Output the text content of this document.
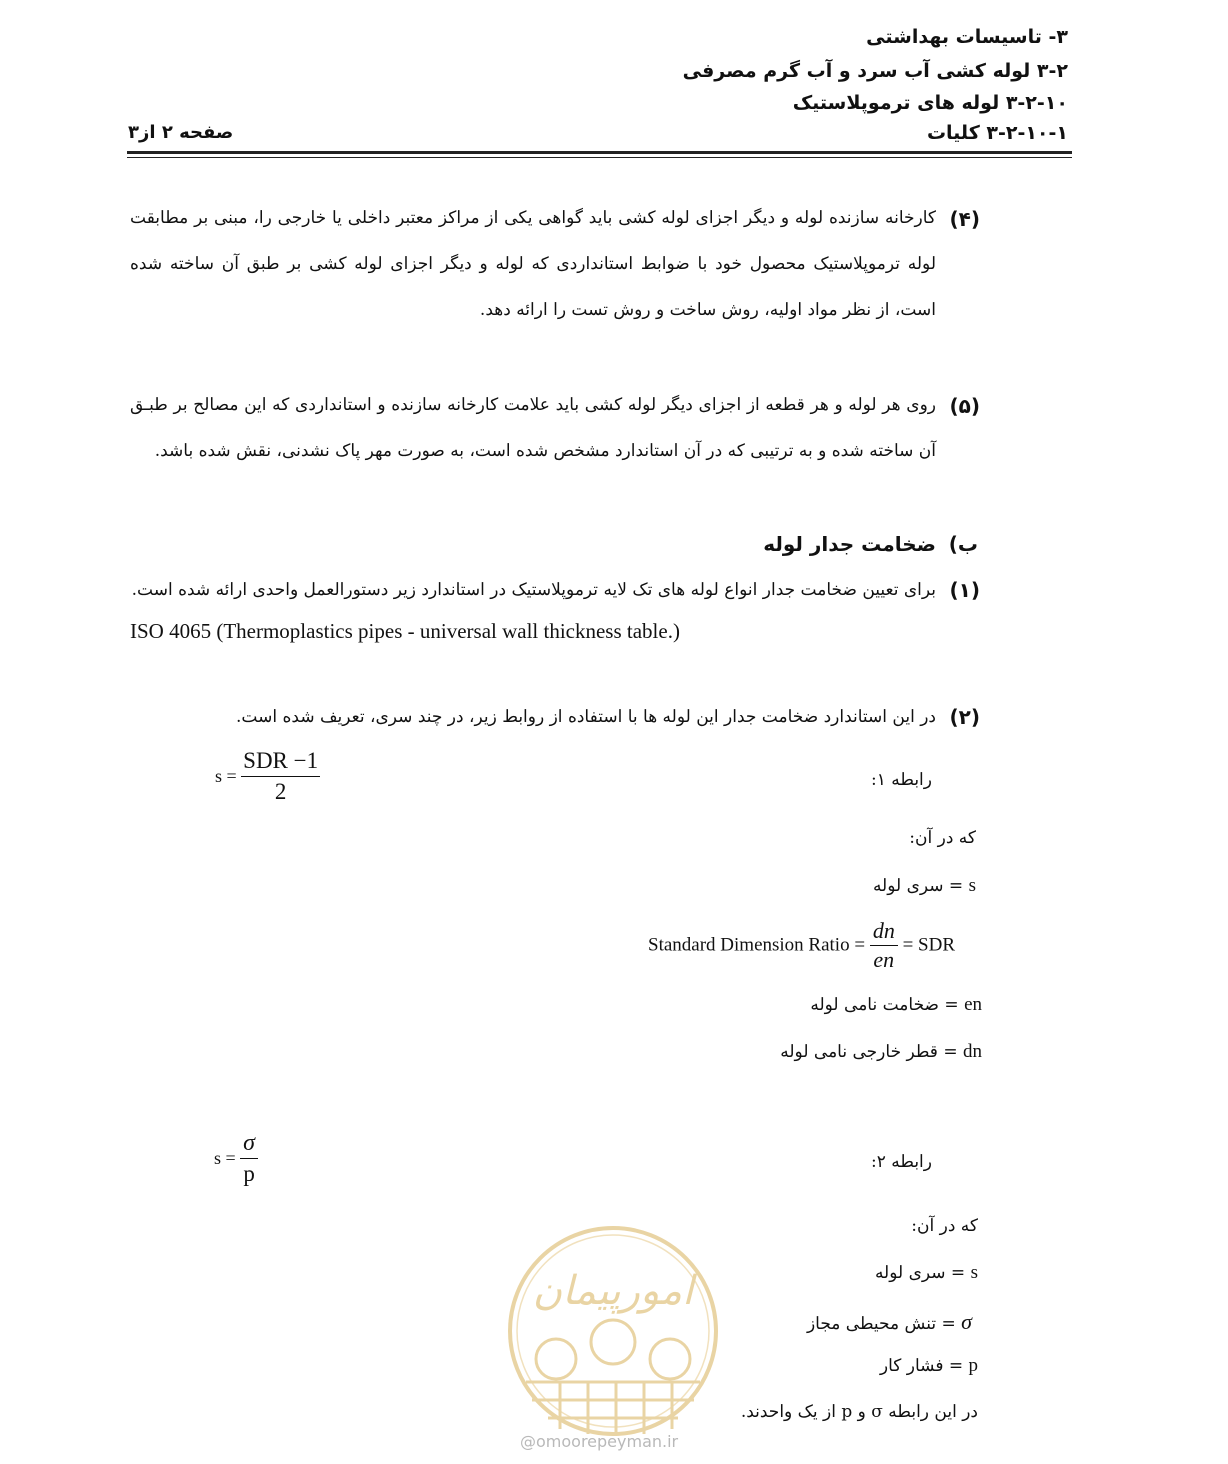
۳- تاسیسات بهداشتی
۳-۲ لوله کشی آب سرد و آب گرم مصرفی
۳-۲-۱۰ لوله های ترموپلاستیک
۳-۲-۱۰-۱ کلیات
صفحه ۲ از۳
(۴)
کارخانه سازنده لوله و دیگر اجزای لوله کشی باید گواهی یکی از مراکز معتبر داخلی یا خارجی را، مبنی بر مطابقت لوله ترموپلاستیک محصول خود با ضوابط استانداردی که لوله و دیگر اجزای لوله کشی بر طبق آن ساخته شده است، از نظر مواد اولیه، روش ساخت و روش تست را ارائه دهد.
(۵)
روی هر لوله و هر قطعه از اجزای دیگر لوله کشی باید علامت کارخانه سازنده و استانداردی که این مصالح بر طبـق آن ساخته شده و به ترتیبی که در آن استاندارد مشخص شده است، به صورت مهر پاک نشدنی، نقش شده باشد.
ب)
ضخامت جدار لوله
(۱)
برای تعیین ضخامت جدار انواع لوله های تک لایه ترموپلاستیک در استاندارد زیر دستورالعمل واحدی ارائه شده است.
ISO 4065 (Thermoplastics pipes - universal wall thickness table.)
(۲)
در این استاندارد ضخامت جدار این لوله ها با استفاده از روابط زیر، در چند سری، تعریف شده است.
رابطه ۱:
$s = \frac{\text{SDR −1}}{2}$
که در آن:
s = سری لوله
Standard Dimension Ratio = $\frac{dn}{en}$ = SDR
en = ضخامت نامی لوله
dn = قطر خارجی نامی لوله
رابطه ۲:
$s = \frac{\sigma}{p}$
که در آن:
s = سری لوله
σ = تنش محیطی مجاز
p = فشار کار
در این رابطه σ و p از یک واحدند.
امورپیمان
@omoorepeyman.ir
